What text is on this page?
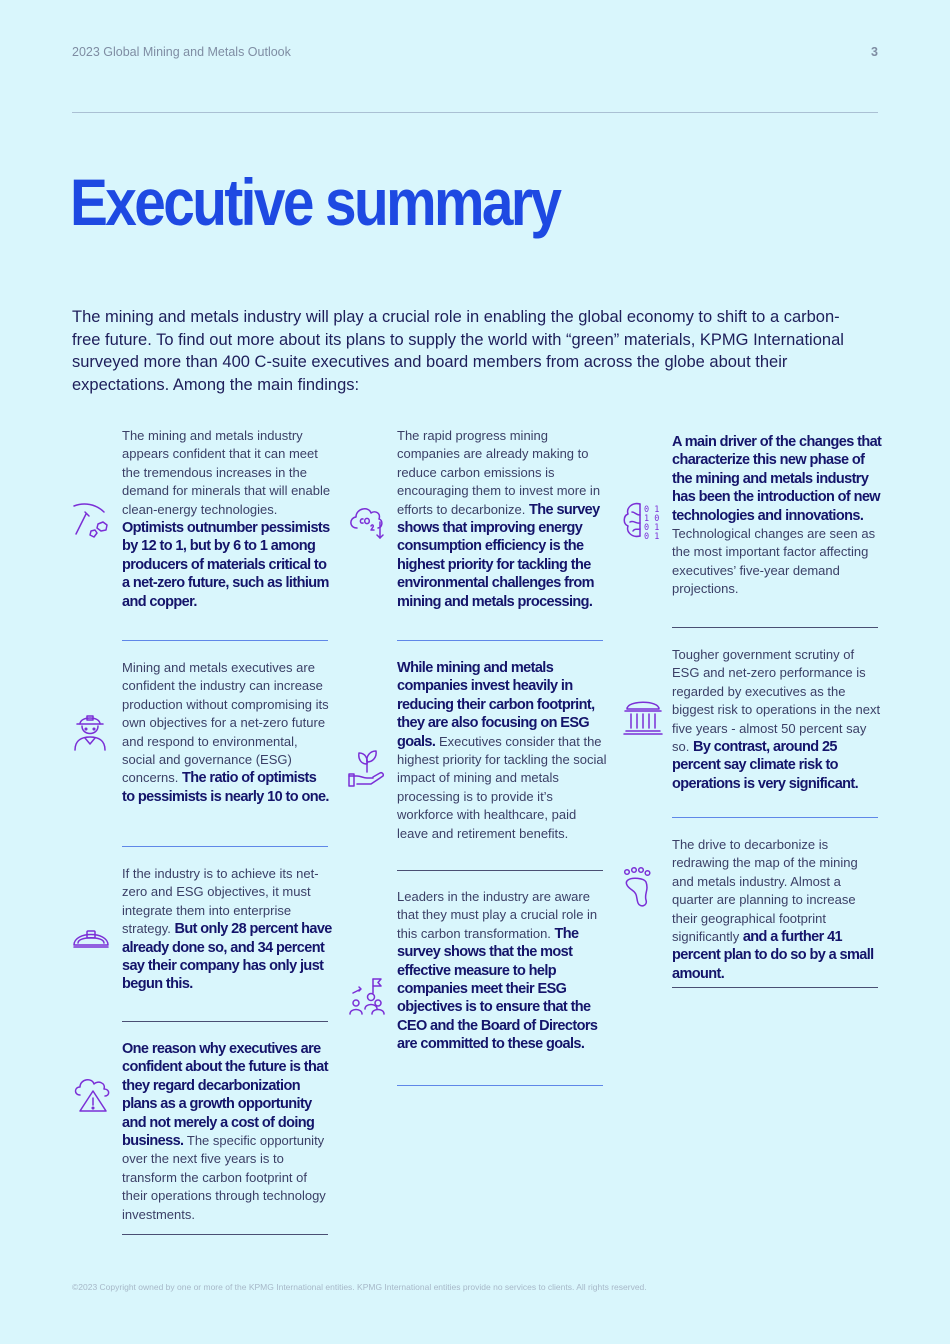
2023 Global Mining and Metals Outlook	3
Executive summary

The mining and metals industry will play a crucial role in enabling the global economy to shift to a carbon-free future. To find out more about its plans to supply the world with “green” materials, KPMG International surveyed more than 400 C-suite executives and board members from across the globe about their expectations. Among the main findings:

The mining and metals industry appears confident that it can meet the tremendous increases in the demand for minerals that will enable clean-energy technologies. Optimists outnumber pessimists by 12 to 1, but by 6 to 1 among producers of materials critical to a net-zero future, such as lithium and copper.
Mining and metals executives are confident the industry can increase production without compromising its own objectives for a net-zero future and respond to environmental, social and governance (ESG) concerns. The ratio of optimists to pessimists is nearly 10 to one.
If the industry is to achieve its net-zero and ESG objectives, it must integrate them into enterprise strategy. But only 28 percent have already done so, and 34 percent say their company has only just begun this.
One reason why executives are confident about the future is that they regard decarbonization plans as a growth opportunity and not merely a cost of doing business. The specific opportunity over the next five years is to transform the carbon footprint of their operations through technology investments.
The rapid progress mining companies are already making to reduce carbon emissions is encouraging them to invest more in efforts to decarbonize. The survey shows that improving energy consumption efficiency is the highest priority for tackling the environmental challenges from mining and metals processing.
While mining and metals companies invest heavily in reducing their carbon footprint, they are also focusing on ESG goals. Executives consider that the highest priority for tackling the social impact of mining and metals processing is to provide it’s workforce with healthcare, paid leave and retirement benefits.
Leaders in the industry are aware that they must play a crucial role in this carbon transformation. The survey shows that the most effective measure to help companies meet their ESG objectives is to ensure that the CEO and the Board of Directors are committed to these goals.
0 1
1 0
0 1
0 1
A main driver of the changes that characterize this new phase of the mining and metals industry has been the introduction of new technologies and innovations. Technological changes are seen as the most important factor affecting executives’ five-year demand projections.
Tougher government scrutiny of ESG and net-zero performance is regarded by executives as the biggest risk to operations in the next five years - almost 50 percent say so. By contrast, around 25 percent say climate risk to operations is very significant.
The drive to decarbonize is redrawing the map of the mining and metals industry. Almost a quarter are planning to increase their geographical footprint significantly and a further 41 percent plan to do so by a small amount.
©2023 Copyright owned by one or more of the KPMG International entities. KPMG International entities provide no services to clients. All rights reserved.
